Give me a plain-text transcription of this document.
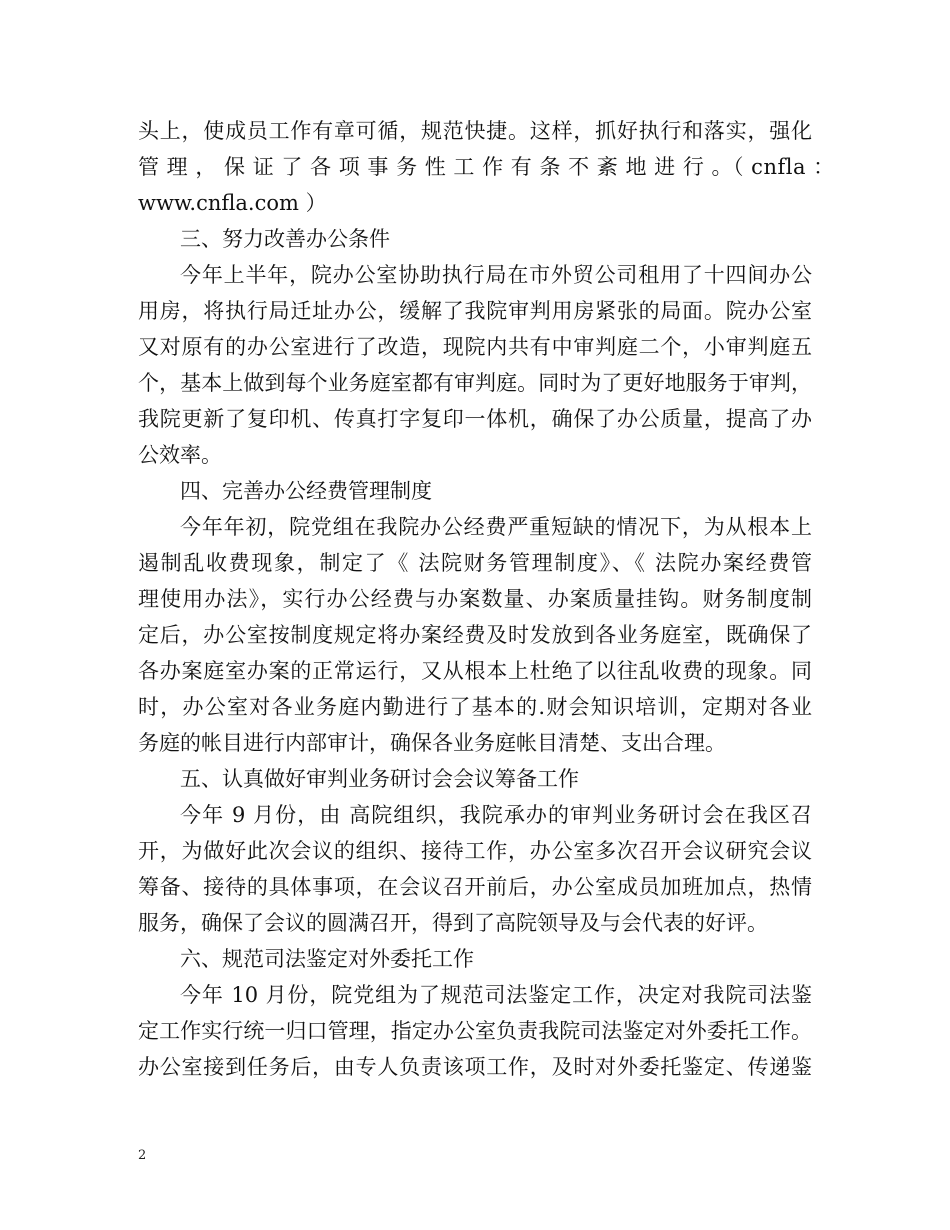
头上，使成员工作有章可循，规范快捷。这样，抓好执行和落实，强化
管 理 ， 保 证 了 各 项 事 务 性 工 作 有 条 不 紊 地 进 行 。（ cnfla ：
www.cnfla.com ）
三、努力改善办公条件
今年上半年，院办公室协助执行局在市外贸公司租用了十四间办公
用房，将执行局迁址办公，缓解了我院审判用房紧张的局面。院办公室
又对原有的办公室进行了改造，现院内共有中审判庭二个，小审判庭五
个，基本上做到每个业务庭室都有审判庭。同时为了更好地服务于审判，
我院更新了复印机、传真打字复印一体机，确保了办公质量，提高了办
公效率。
四、完善办公经费管理制度
今年年初，院党组在我院办公经费严重短缺的情况下，为从根本上
遏制乱收费现象，制定了《 法院财务管理制度》、《 法院办案经费管
理使用办法》，实行办公经费与办案数量、办案质量挂钩。财务制度制
定后，办公室按制度规定将办案经费及时发放到各业务庭室，既确保了
各办案庭室办案的正常运行，又从根本上杜绝了以往乱收费的现象。同
时，办公室对各业务庭内勤进行了基本的.财会知识培训，定期对各业
务庭的帐目进行内部审计，确保各业务庭帐目清楚、支出合理。
五、认真做好审判业务研讨会会议筹备工作
今年 9 月份，由 高院组织，我院承办的审判业务研讨会在我区召
开，为做好此次会议的组织、接待工作，办公室多次召开会议研究会议
筹备、接待的具体事项，在会议召开前后，办公室成员加班加点，热情
服务，确保了会议的圆满召开，得到了高院领导及与会代表的好评。
六、规范司法鉴定对外委托工作
今年 10 月份，院党组为了规范司法鉴定工作，决定对我院司法鉴
定工作实行统一归口管理，指定办公室负责我院司法鉴定对外委托工作。
办公室接到任务后，由专人负责该项工作，及时对外委托鉴定、传递鉴
2
